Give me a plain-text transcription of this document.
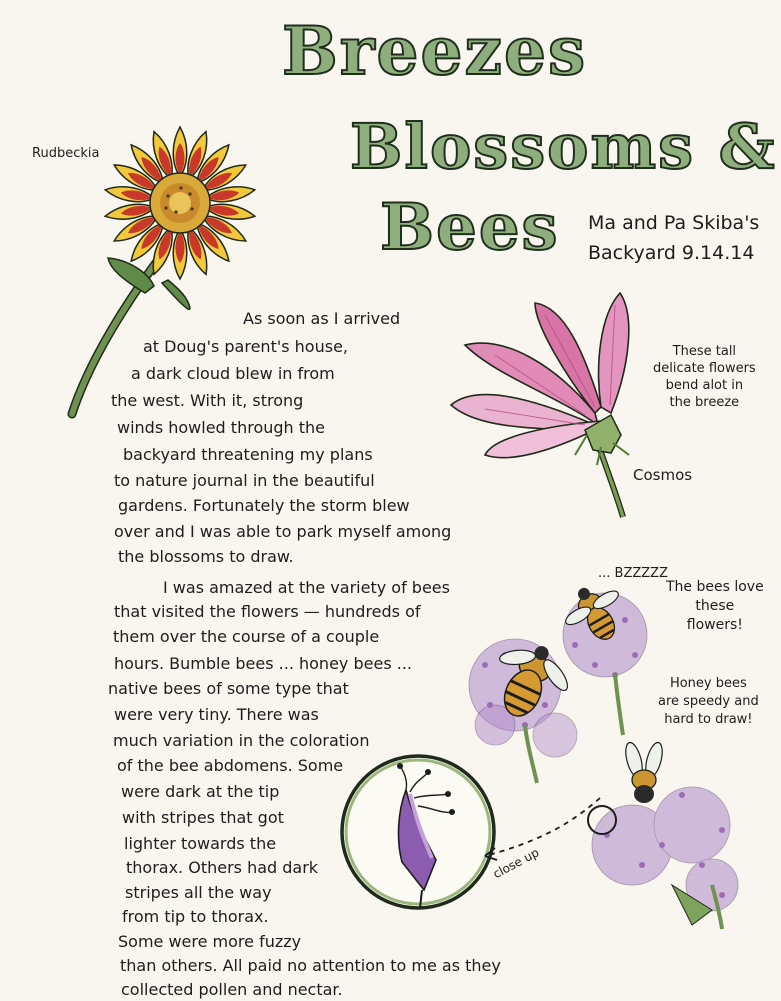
Breezes
Blossoms &
Bees Ma and Pa Skiba's
Backyard 9.14.14
Rudbeckia
Cosmos
These tall
delicate flowers
bend alot in
the breeze
... BZZZZZ
The bees love
these
flowers!
Honey bees
are speedy and
hard to draw!
close up
As soon as I arrived
at Doug's parent's house,
a dark cloud blew in from
the west. With it, strong
winds howled through the
backyard threatening my plans
to nature journal in the beautiful
gardens. Fortunately the storm blew
over and I was able to park myself among
the blossoms to draw.
I was amazed at the variety of bees
that visited the flowers — hundreds of
them over the course of a couple
hours. Bumble bees ... honey bees ...
native bees of some type that
were very tiny. There was
much variation in the coloration
of the bee abdomens. Some
were dark at the tip
with stripes that got
lighter towards the
thorax. Others had dark
stripes all the way
from tip to thorax.
Some were more fuzzy
than others. All paid no attention to me as they
collected pollen and nectar.
